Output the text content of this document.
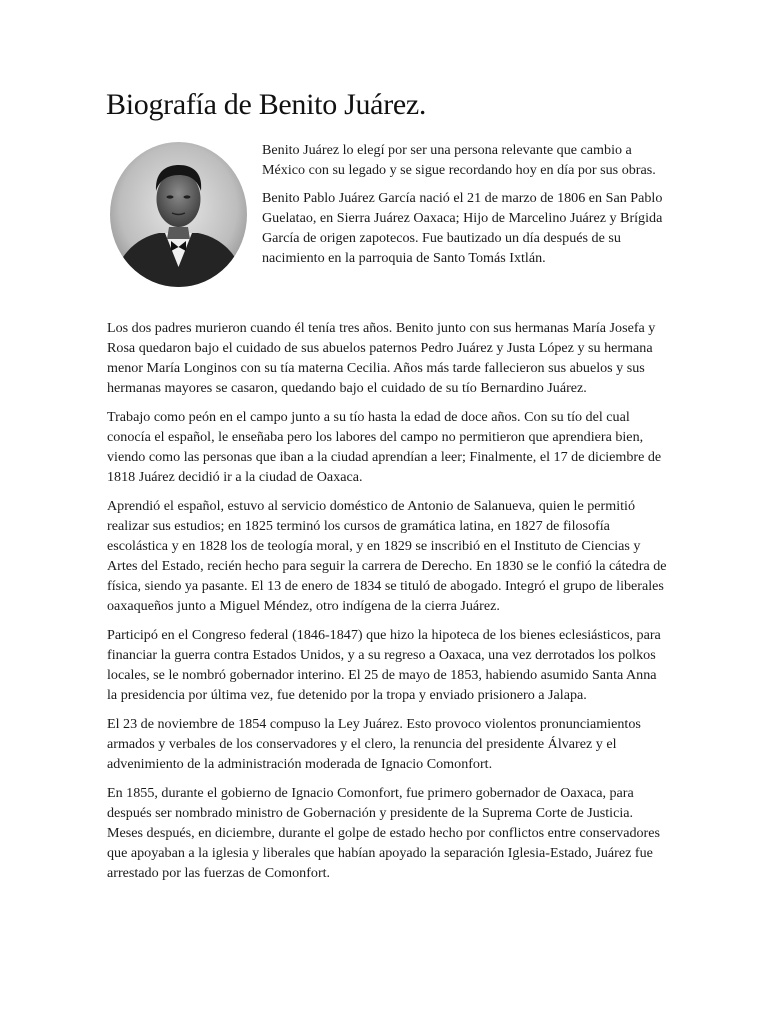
Biografía de Benito Juárez.

Benito Juárez lo elegí por ser una persona relevante que cambio a México con su legado y se sigue recordando hoy en día por sus obras.

Benito Pablo Juárez García nació el 21 de marzo de 1806 en San Pablo Guelatao, en Sierra Juárez Oaxaca; Hijo de Marcelino Juárez y Brígida García de origen zapotecos. Fue bautizado un día después de su nacimiento en la parroquia de Santo Tomás Ixtlán.

Los dos padres murieron cuando él tenía tres años. Benito junto con sus hermanas María Josefa y Rosa quedaron bajo el cuidado de sus abuelos paternos Pedro Juárez y Justa López y su hermana menor María Longinos con su tía materna Cecilia. Años más tarde fallecieron sus abuelos y sus hermanas mayores se casaron, quedando bajo el cuidado de su tío Bernardino Juárez.

Trabajo como peón en el campo junto a su tío hasta la edad de doce años. Con su tío del cual conocía el español, le enseñaba pero los labores del campo no permitieron que aprendiera bien, viendo como las personas que iban a la ciudad aprendían a leer; Finalmente, el 17 de diciembre de 1818 Juárez decidió ir a la ciudad de Oaxaca.

Aprendió el español, estuvo al servicio doméstico de Antonio de Salanueva, quien le permitió realizar sus estudios; en 1825 terminó los cursos de gramática latina, en 1827 de filosofía escolástica y en 1828 los de teología moral, y en 1829 se inscribió en el Instituto de Ciencias y Artes del Estado, recién hecho para seguir la carrera de Derecho. En 1830 se le confió la cátedra de física, siendo ya pasante. El 13 de enero de 1834 se tituló de abogado. Integró el grupo de liberales oaxaqueños junto a Miguel Méndez, otro indígena de la cierra Juárez.

Participó en el Congreso federal (1846-1847) que hizo la hipoteca de los bienes eclesiásticos, para financiar la guerra contra Estados Unidos, y a su regreso a Oaxaca, una vez derrotados los polkos locales, se le nombró gobernador interino. El 25 de mayo de 1853, habiendo asumido Santa Anna la presidencia por última vez, fue detenido por la tropa y enviado prisionero a Jalapa.

El 23 de noviembre de 1854 compuso la Ley Juárez. Esto provoco violentos pronunciamientos armados y verbales de los conservadores y el clero, la renuncia del presidente Álvarez y el advenimiento de la administración moderada de Ignacio Comonfort.

En 1855, durante el gobierno de Ignacio Comonfort, fue primero gobernador de Oaxaca, para después ser nombrado ministro de Gobernación y presidente de la Suprema Corte de Justicia. Meses después, en diciembre, durante el golpe de estado hecho por conflictos entre conservadores que apoyaban a la iglesia y liberales que habían apoyado la separación Iglesia-Estado, Juárez fue arrestado por las fuerzas de Comonfort.
